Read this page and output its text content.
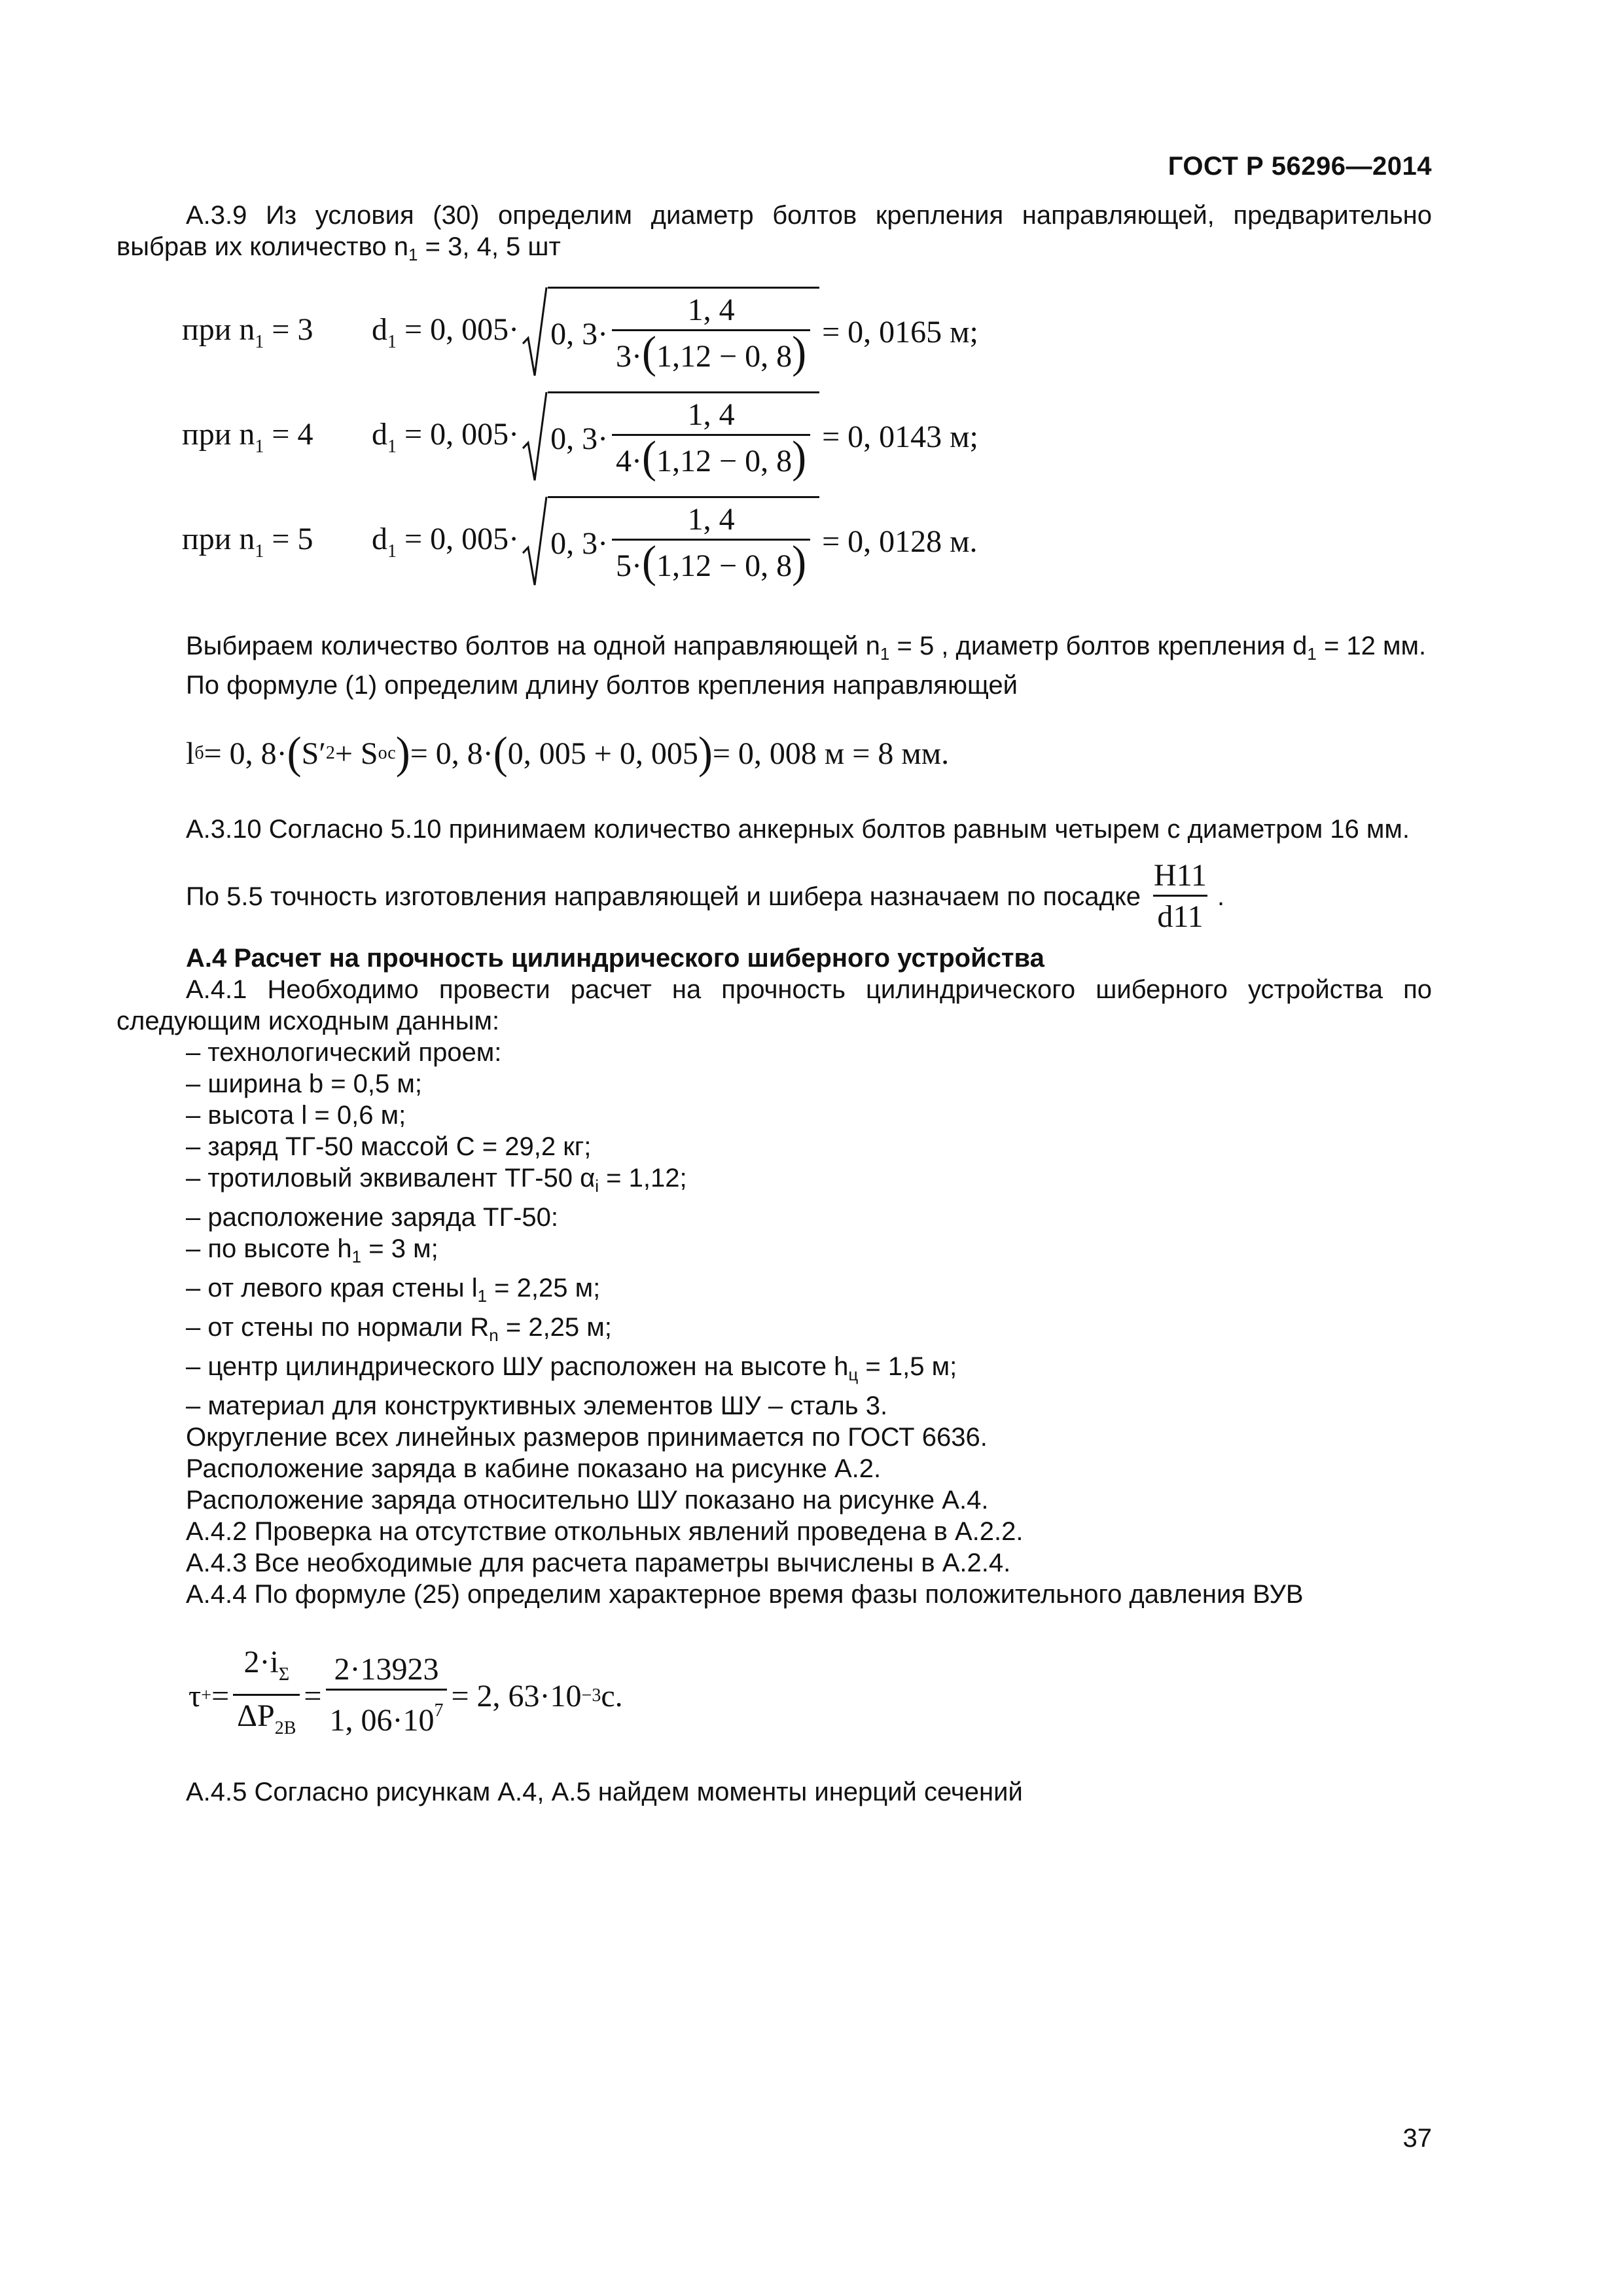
ГОСТ Р 56296—2014

А.3.9 Из условия (30) определим диаметр болтов крепления направляющей, предварительно

выбрав их количество $n_1 = 3$, 4, 5 шт

при $n_1 = 3$	$d_1 = 0$, 005· 0, $3\cdot \frac{1, 4}{3\cdot(1,12 - 0, 8)} = 0$, 0165 м;
при $n_1 = 4$	$d_1 = 0$, 005· 0, $3\cdot \frac{1, 4}{4\cdot(1,12 - 0, 8)} = 0$, 0143 м;
при $n_1 = 5$	$d_1 = 0$, 005· 0, $3\cdot \frac{1, 4}{5\cdot(1,12 - 0, 8)} = 0$, 0128 м.

Выбираем количество болтов на одной направляющей $n_1 = 5$ , диаметр болтов крепления $d_1 = 12$ мм.

По формуле (1) определим длину болтов крепления направляющей

l б = 0, 8· ( S′ 2 + S ос ) = 0, 8· ( 0, 005 + 0, 005 ) = 0, 008 м = 8 мм.

А.3.10 Согласно 5.10 принимаем количество анкерных болтов равным четырем с диаметром 16 мм.

По 5.5 точность изготовления направляющей и шибера назначаем по посадке $\frac{H11}{d11}$ .

А.4 Расчет на прочность цилиндрического шиберного устройства

А.4.1 Необходимо провести расчет на прочность цилиндрического шиберного устройства по

следующим исходным данным:

– технологический проем:

– ширина b = 0,5 м;

– высота l = 0,6 м;

– заряд ТГ-50 массой С = 29,2 кг;

– тротиловый эквивалент ТГ-50 $\alpha_i = 1,12$;

– расположение заряда ТГ-50:

– по высоте $h_1 = 3$ м;

– от левого края стены $l_1 = 2,25$ м;

– от стены по нормали $R_n = 2,25$ м;

– центр цилиндрического ШУ расположен на высоте $h_ц = 1,5$ м;

– материал для конструктивных элементов ШУ – сталь 3.

Округление всех линейных размеров принимается по ГОСТ 6636.

Расположение заряда в кабине показано на рисунке А.2.

Расположение заряда относительно ШУ показано на рисунке А.4.

А.4.2 Проверка на отсутствие откольных явлений проведена в А.2.2.

А.4.3 Все необходимые для расчета параметры вычислены в А.2.4.

А.4.4 По формуле (25) определим характерное время фазы положительного давления ВУВ

τ + = $\frac{2\cdot i_\Sigma}{\Delta P_{2В}} = \frac{2\cdot 13923}{1, 06\cdot 10^7} = 2$, 63·10 −3 с.

А.4.5 Согласно рисункам А.4, А.5 найдем моменты инерций сечений

37
